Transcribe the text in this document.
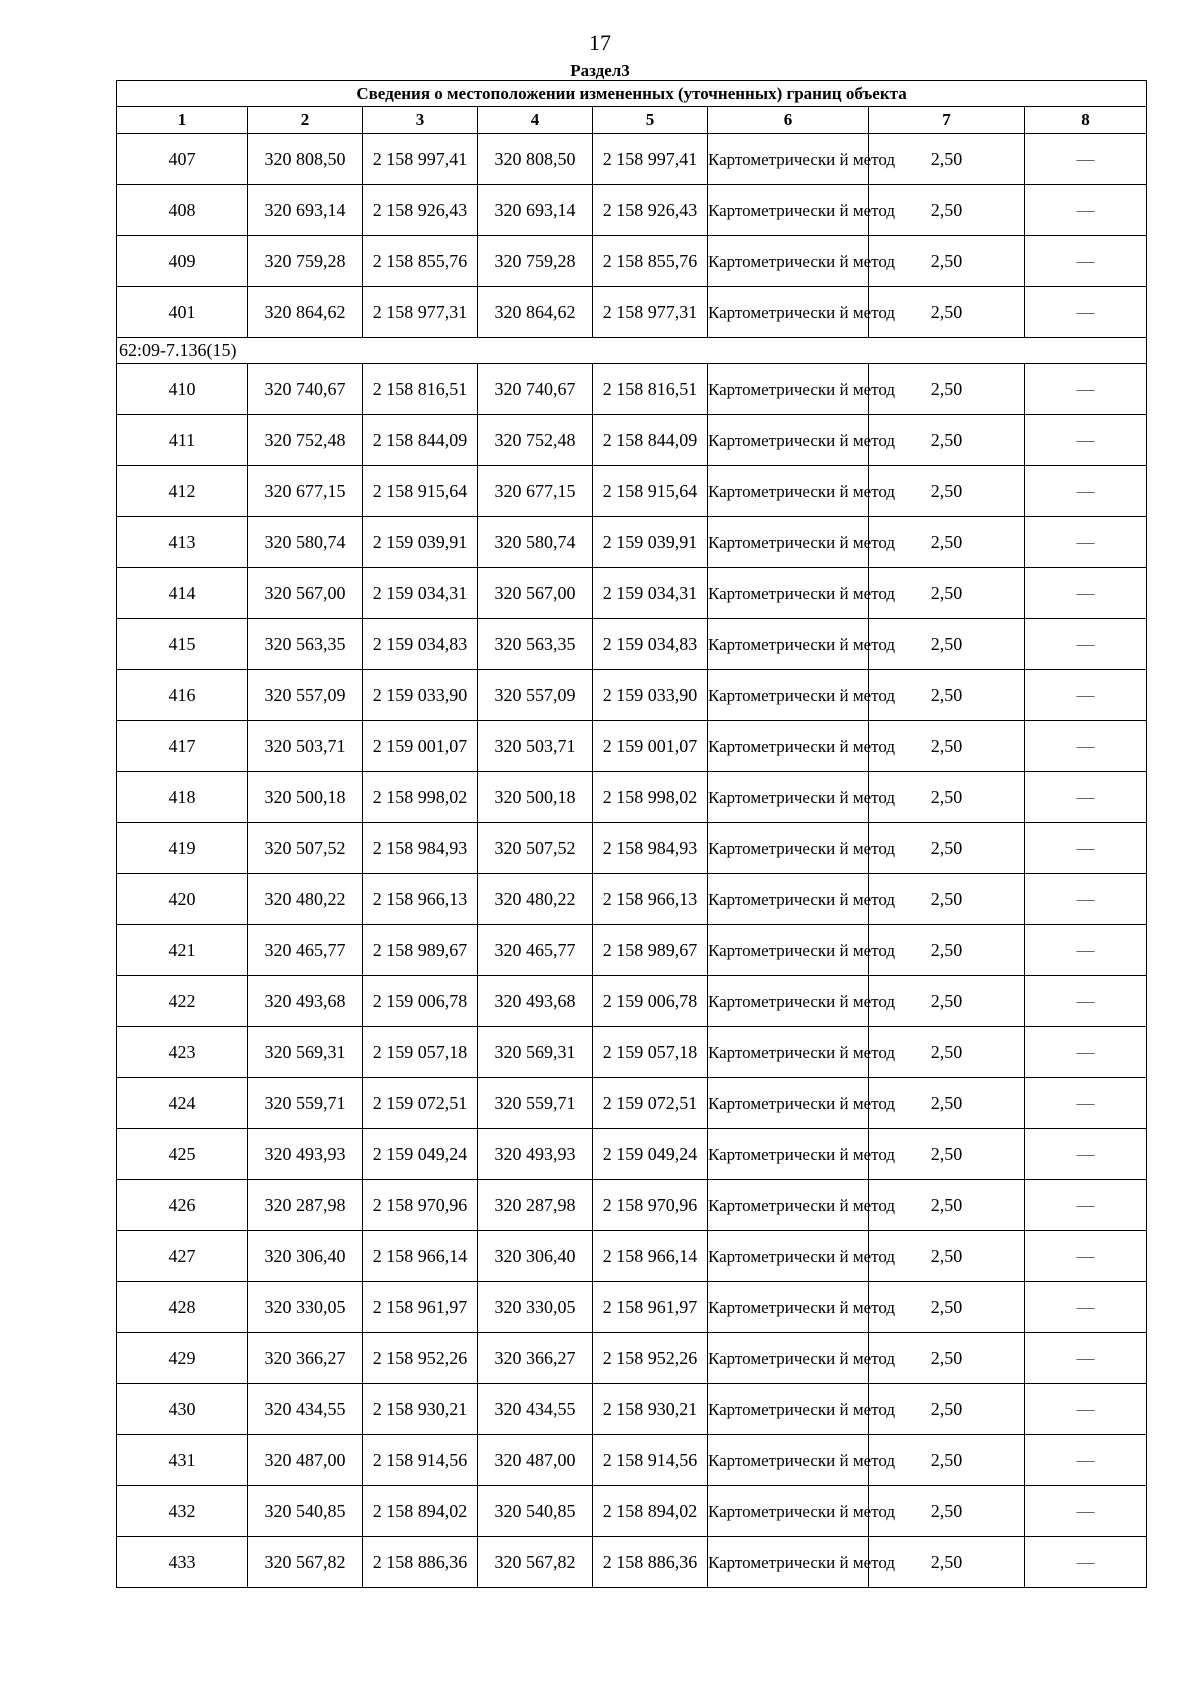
17
Раздел3
Сведения о местоположении измененных (уточненных) границ объекта							
1	2	3	4	5	6	7	8
407	320 808,50	2 158 997,41	320 808,50	2 158 997,41	Картометрически й метод	2,50	—
408	320 693,14	2 158 926,43	320 693,14	2 158 926,43	Картометрически й метод	2,50	—
409	320 759,28	2 158 855,76	320 759,28	2 158 855,76	Картометрически й метод	2,50	—
401	320 864,62	2 158 977,31	320 864,62	2 158 977,31	Картометрически й метод	2,50	—
62:09-7.136(15)							
410	320 740,67	2 158 816,51	320 740,67	2 158 816,51	Картометрически й метод	2,50	—
411	320 752,48	2 158 844,09	320 752,48	2 158 844,09	Картометрически й метод	2,50	—
412	320 677,15	2 158 915,64	320 677,15	2 158 915,64	Картометрически й метод	2,50	—
413	320 580,74	2 159 039,91	320 580,74	2 159 039,91	Картометрически й метод	2,50	—
414	320 567,00	2 159 034,31	320 567,00	2 159 034,31	Картометрически й метод	2,50	—
415	320 563,35	2 159 034,83	320 563,35	2 159 034,83	Картометрически й метод	2,50	—
416	320 557,09	2 159 033,90	320 557,09	2 159 033,90	Картометрически й метод	2,50	—
417	320 503,71	2 159 001,07	320 503,71	2 159 001,07	Картометрически й метод	2,50	—
418	320 500,18	2 158 998,02	320 500,18	2 158 998,02	Картометрически й метод	2,50	—
419	320 507,52	2 158 984,93	320 507,52	2 158 984,93	Картометрически й метод	2,50	—
420	320 480,22	2 158 966,13	320 480,22	2 158 966,13	Картометрически й метод	2,50	—
421	320 465,77	2 158 989,67	320 465,77	2 158 989,67	Картометрически й метод	2,50	—
422	320 493,68	2 159 006,78	320 493,68	2 159 006,78	Картометрически й метод	2,50	—
423	320 569,31	2 159 057,18	320 569,31	2 159 057,18	Картометрически й метод	2,50	—
424	320 559,71	2 159 072,51	320 559,71	2 159 072,51	Картометрически й метод	2,50	—
425	320 493,93	2 159 049,24	320 493,93	2 159 049,24	Картометрически й метод	2,50	—
426	320 287,98	2 158 970,96	320 287,98	2 158 970,96	Картометрически й метод	2,50	—
427	320 306,40	2 158 966,14	320 306,40	2 158 966,14	Картометрически й метод	2,50	—
428	320 330,05	2 158 961,97	320 330,05	2 158 961,97	Картометрически й метод	2,50	—
429	320 366,27	2 158 952,26	320 366,27	2 158 952,26	Картометрически й метод	2,50	—
430	320 434,55	2 158 930,21	320 434,55	2 158 930,21	Картометрически й метод	2,50	—
431	320 487,00	2 158 914,56	320 487,00	2 158 914,56	Картометрически й метод	2,50	—
432	320 540,85	2 158 894,02	320 540,85	2 158 894,02	Картометрически й метод	2,50	—
433	320 567,82	2 158 886,36	320 567,82	2 158 886,36	Картометрически й метод	2,50	—
